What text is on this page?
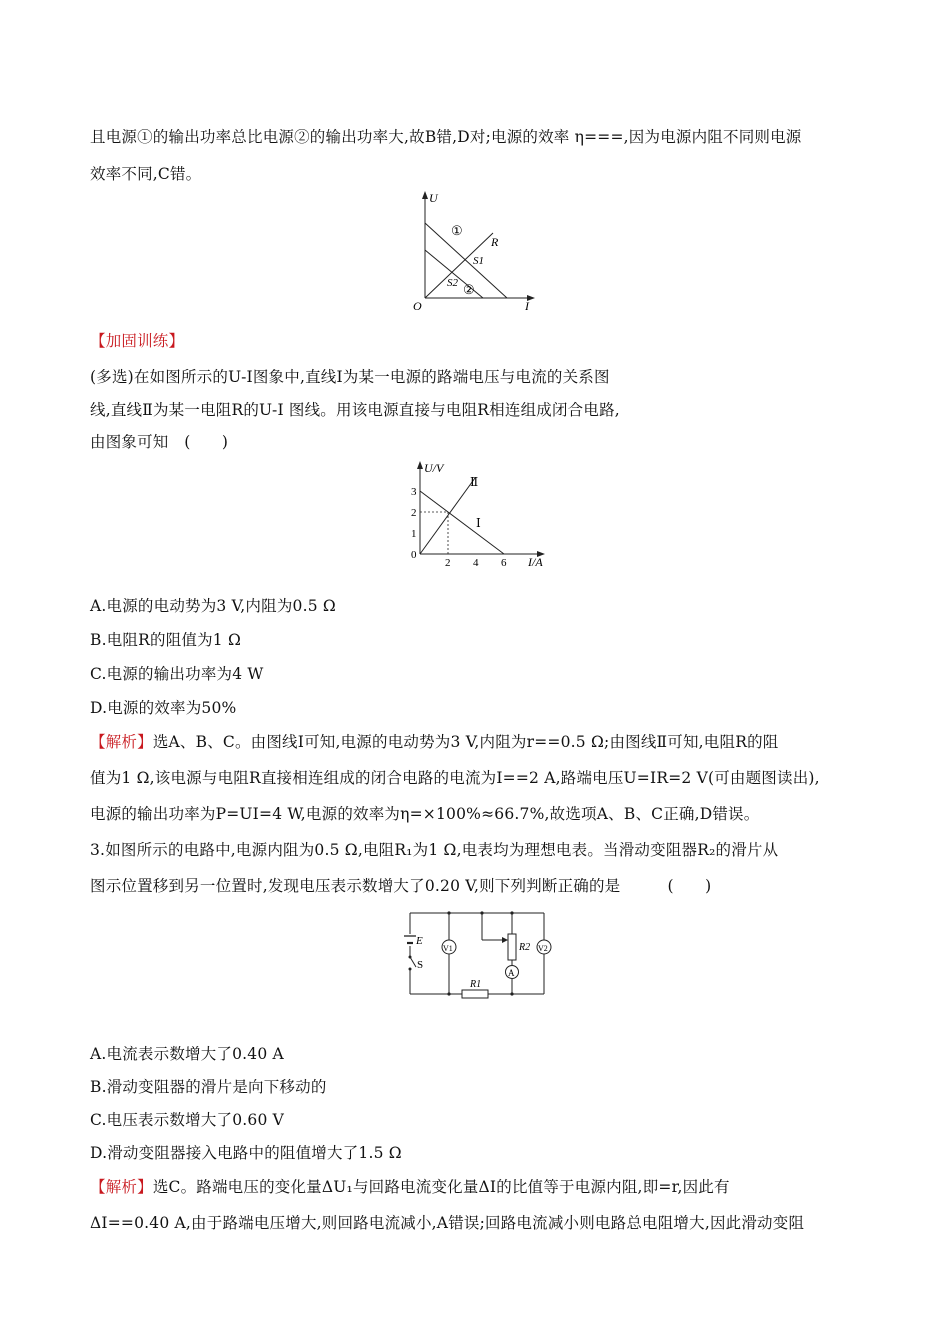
且电源①的输出功率总比电源②的输出功率大,故B错,D对;电源的效率 η===,因为电源内阻不同则电源
效率不同,C错。
U
I
O
①
R
S1
S2 ②
【加固训练】
(多选)在如图所示的U-I图象中,直线Ⅰ为某一电源的路端电压与电流的关系图
线,直线Ⅱ为某一电阻R的U-I 图线。用该电源直接与电阻R相连组成闭合电路,
由图象可知　(　　)
U/V
I/A
Ⅱ
Ⅰ
3
2
1
0
2 4 6
A.电源的电动势为3 V,内阻为0.5 Ω
B.电阻R的阻值为1 Ω
C.电源的输出功率为4 W
D.电源的效率为50%
【解析】选A、B、C。由图线Ⅰ可知,电源的电动势为3 V,内阻为r==0.5 Ω;由图线Ⅱ可知,电阻R的阻
值为1 Ω,该电源与电阻R直接相连组成的闭合电路的电流为I==2 A,路端电压U=IR=2 V(可由题图读出),
电源的输出功率为P=UI=4 W,电源的效率为η=×100%≈66.7%,故选项A、B、C正确,D错误。
3.如图所示的电路中,电源内阻为0.5 Ω,电阻R₁为1 Ω,电表均为理想电表。当滑动变阻器R₂的滑片从
图示位置移到另一位置时,发现电压表示数增大了0.20 V,则下列判断正确的是　　　(　　)
E
S
V1
A
R2 V2
R1
A.电流表示数增大了0.40 A
B.滑动变阻器的滑片是向下移动的
C.电压表示数增大了0.60 V
D.滑动变阻器接入电路中的阻值增大了1.5 Ω
【解析】选C。路端电压的变化量ΔU₁与回路电流变化量ΔI的比值等于电源内阻,即=r,因此有
ΔI==0.40 A,由于路端电压增大,则回路电流减小,A错误;回路电流减小则电路总电阻增大,因此滑动变阻
